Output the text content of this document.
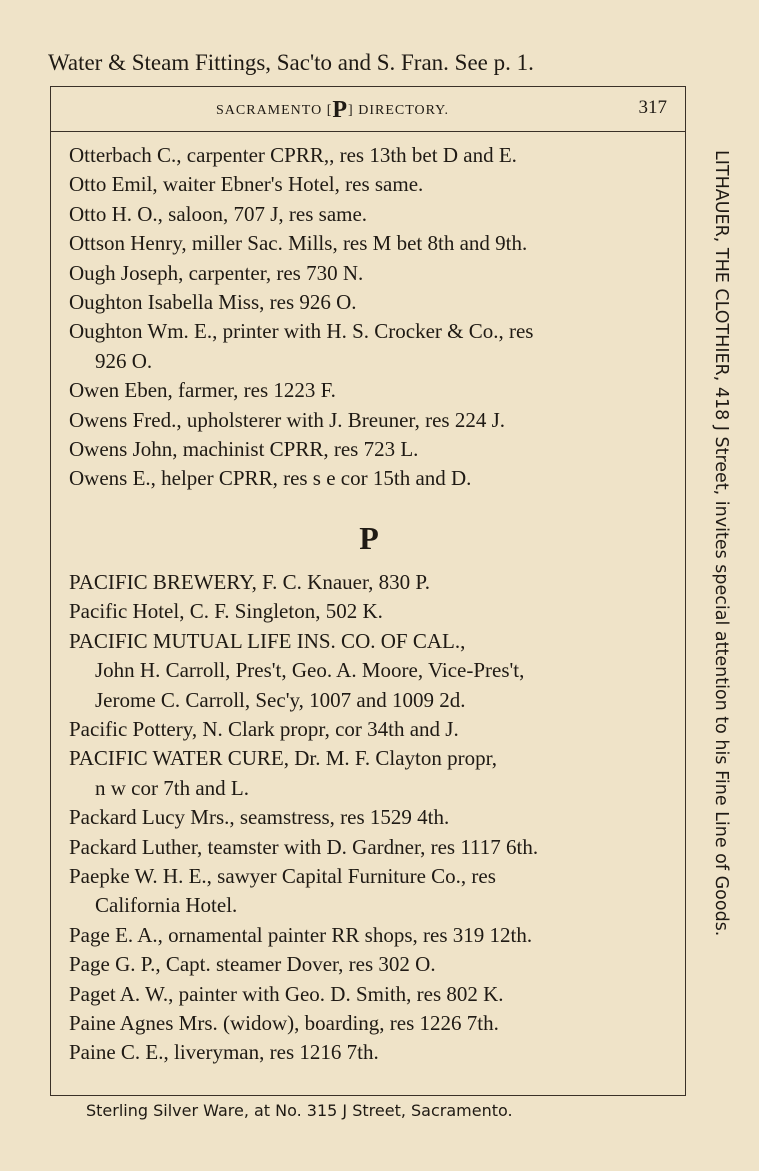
Water & Steam Fittings, Sac'to and S. Fran. See p. 1.
SACRAMENTO [P] DIRECTORY.	317
Otterbach C., carpenter CPRR,, res 13th bet D and E.
Otto Emil, waiter Ebner's Hotel, res same.
Otto H. O., saloon, 707 J, res same.
Ottson Henry, miller Sac. Mills, res M bet 8th and 9th.
Ough Joseph, carpenter, res 730 N.
Oughton Isabella Miss, res 926 O.
Oughton Wm. E., printer with H. S. Crocker & Co., res
926 O.
Owen Eben, farmer, res 1223 F.
Owens Fred., upholsterer with J. Breuner, res 224 J.
Owens John, machinist CPRR, res 723 L.
Owens E., helper CPRR, res s e cor 15th and D.
P
PACIFIC BREWERY, F. C. Knauer, 830 P.
Pacific Hotel, C. F. Singleton, 502 K.
PACIFIC MUTUAL LIFE INS. CO. OF CAL.,
John H. Carroll, Pres't, Geo. A. Moore, Vice-Pres't,
Jerome C. Carroll, Sec'y, 1007 and 1009 2d.
Pacific Pottery, N. Clark propr, cor 34th and J.
PACIFIC WATER CURE, Dr. M. F. Clayton propr,
n w cor 7th and L.
Packard Lucy Mrs., seamstress, res 1529 4th.
Packard Luther, teamster with D. Gardner, res 1117 6th.
Paepke W. H. E., sawyer Capital Furniture Co., res
California Hotel.
Page E. A., ornamental painter RR shops, res 319 12th.
Page G. P., Capt. steamer Dover, res 302 O.
Paget A. W., painter with Geo. D. Smith, res 802 K.
Paine Agnes Mrs. (widow), boarding, res 1226 7th.
Paine C. E., liveryman, res 1216 7th.
LITHAUER, THE CLOTHIER, 418 J Street, invites special attention to his Fine Line of Goods.
Sterling Silver Ware, at No. 315 J Street, Sacramento.
